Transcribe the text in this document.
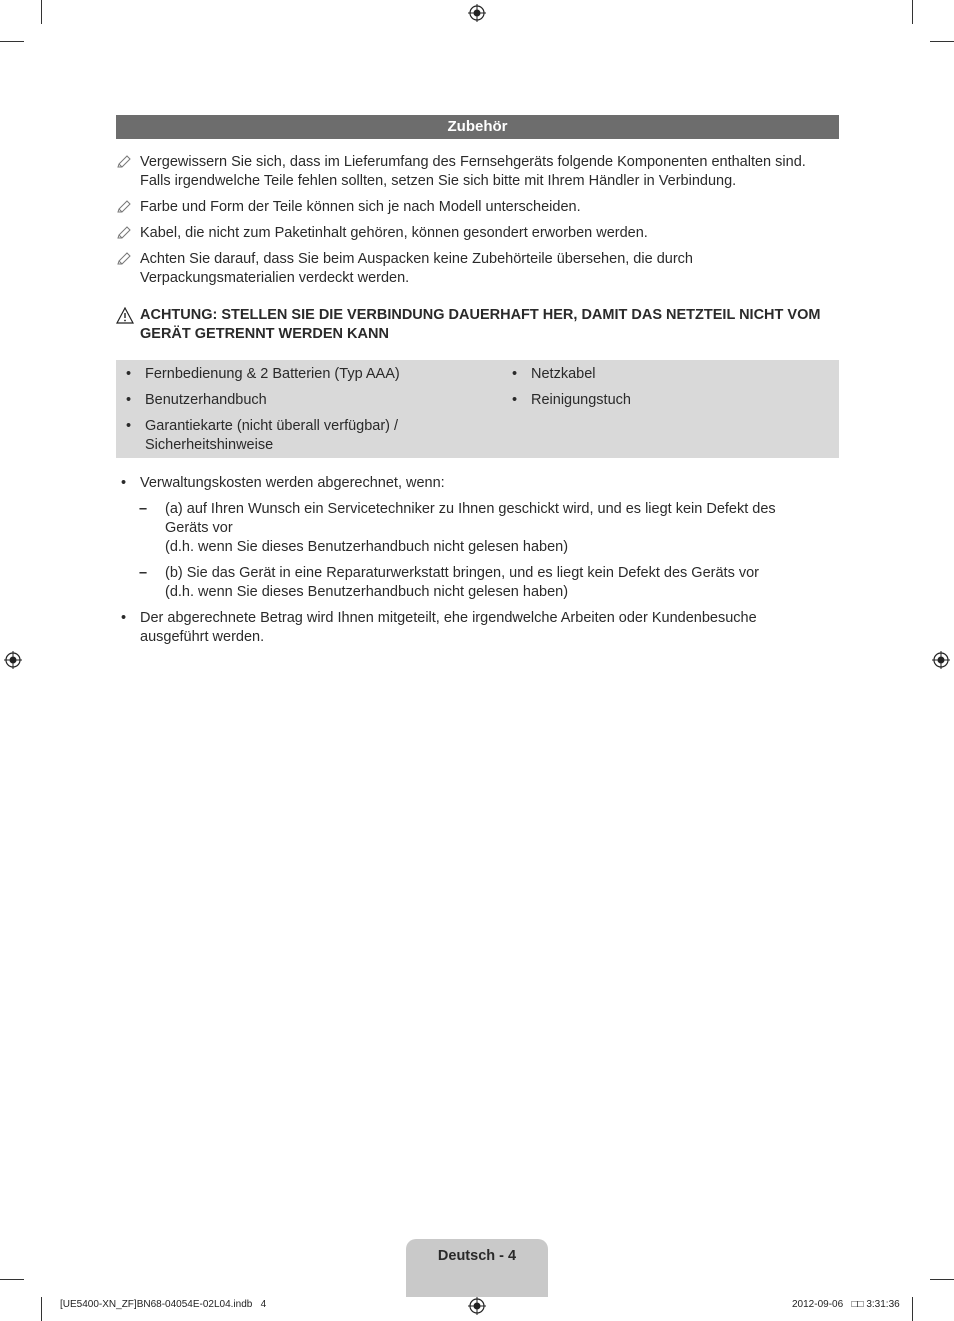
Zubehör
Vergewissern Sie sich, dass im Lieferumfang des Fernsehgeräts folgende Komponenten enthalten sind. Falls irgendwelche Teile fehlen sollten, setzen Sie sich bitte mit Ihrem Händler in Verbindung.
Farbe und Form der Teile können sich je nach Modell unterscheiden.
Kabel, die nicht zum Paketinhalt gehören, können gesondert erworben werden.
Achten Sie darauf, dass Sie beim Auspacken keine Zubehörteile übersehen, die durch Verpackungsmaterialien verdeckt werden.
ACHTUNG: STELLEN SIE DIE VERBINDUNG DAUERHAFT HER, DAMIT DAS NETZTEIL NICHT VOM GERÄT GETRENNT WERDEN KANN
• Fernbedienung & 2 Batterien (Typ AAA)
• Benutzerhandbuch
• Garantiekarte (nicht überall verfügbar) / Sicherheitshinweise
• Netzkabel
• Reinigungstuch
• Verwaltungskosten werden abgerechnet, wenn:
– (a) auf Ihren Wunsch ein Servicetechniker zu Ihnen geschickt wird, und es liegt kein Defekt des Geräts vor
(d.h. wenn Sie dieses Benutzerhandbuch nicht gelesen haben)
– (b) Sie das Gerät in eine Reparaturwerkstatt bringen, und es liegt kein Defekt des Geräts vor
(d.h. wenn Sie dieses Benutzerhandbuch nicht gelesen haben)
• Der abgerechnete Betrag wird Ihnen mitgeteilt, ehe irgendwelche Arbeiten oder Kundenbesuche ausgeführt werden.
Deutsch - 4
[UE5400-XN_ZF]BN68-04054E-02L04.indb   4	2012-09-06   □□ 3:31:36
